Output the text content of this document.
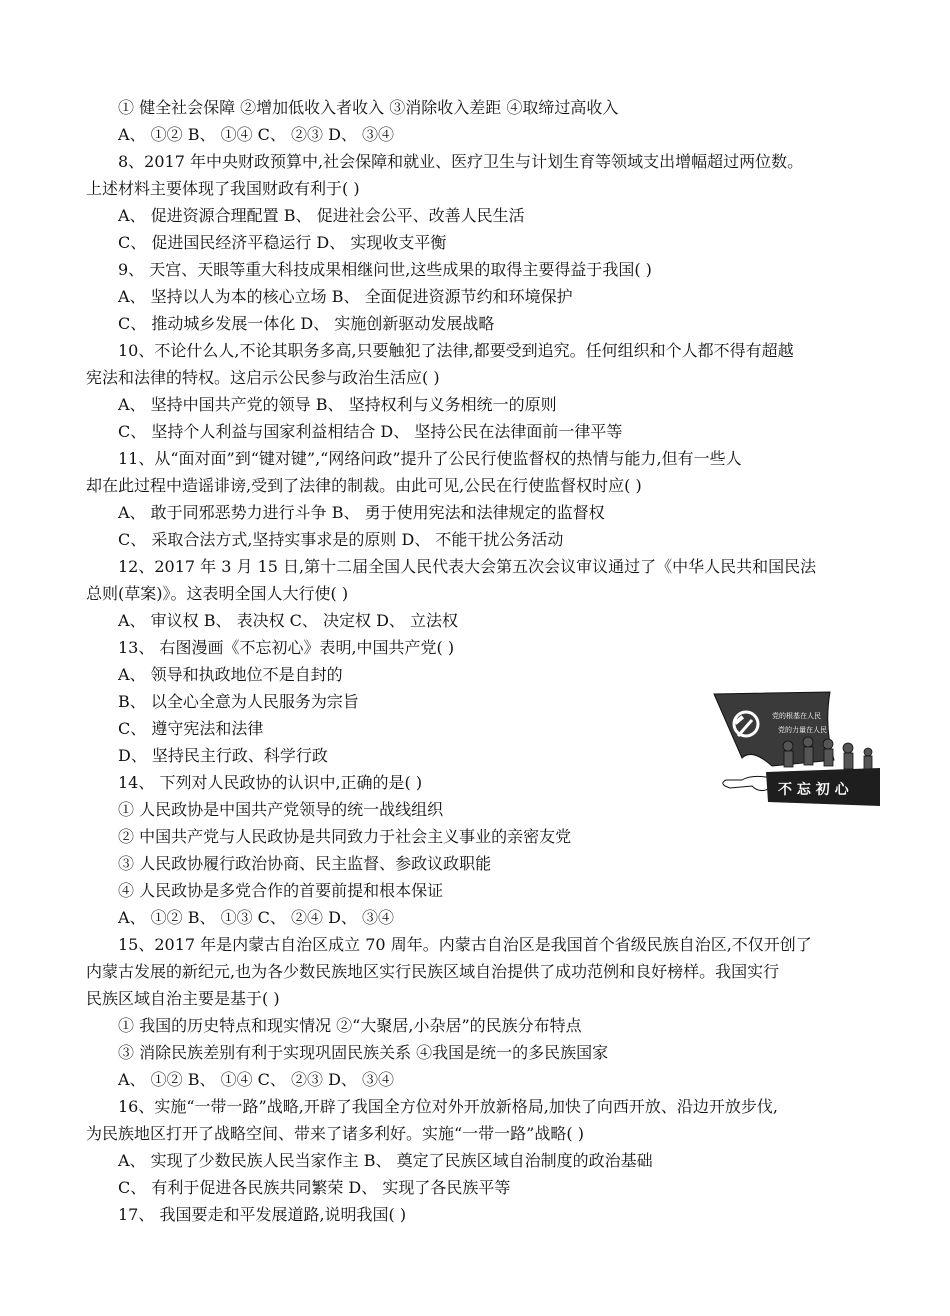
① 健全社会保障 ②增加低收入者收入 ③消除收入差距 ④取缔过高收入
A、 ①② B、 ①④ C、 ②③ D、 ③④
8、2017 年中央财政预算中,社会保障和就业、医疗卫生与计划生育等领域支出增幅超过两位数。
上述材料主要体现了我国财政有利于( )
A、 促进资源合理配置 B、 促进社会公平、改善人民生活
C、 促进国民经济平稳运行 D、 实现收支平衡
9、 天宫、天眼等重大科技成果相继问世,这些成果的取得主要得益于我国( )
A、 坚持以人为本的核心立场 B、 全面促进资源节约和环境保护
C、 推动城乡发展一体化 D、 实施创新驱动发展战略
10、不论什么人,不论其职务多高,只要触犯了法律,都要受到追究。任何组织和个人都不得有超越
宪法和法律的特权。这启示公民参与政治生活应( )
A、 坚持中国共产党的领导 B、 坚持权利与义务相统一的原则
C、 坚持个人利益与国家利益相结合 D、 坚持公民在法律面前一律平等
11、从“面对面”到“键对键”,“网络问政”提升了公民行使监督权的热情与能力,但有一些人
却在此过程中造谣诽谤,受到了法律的制裁。由此可见,公民在行使监督权时应( )
A、 敢于同邪恶势力进行斗争 B、 勇于使用宪法和法律规定的监督权
C、 采取合法方式,坚持实事求是的原则 D、 不能干扰公务活动
12、2017 年 3 月 15 日,第十二届全国人民代表大会第五次会议审议通过了《中华人民共和国民法
总则(草案)》。这表明全国人大行使( )
A、 审议权 B、 表决权 C、 决定权 D、 立法权
13、 右图漫画《不忘初心》表明,中国共产党( )
A、 领导和执政地位不是自封的
B、 以全心全意为人民服务为宗旨
C、 遵守宪法和法律
D、 坚持民主行政、科学行政
14、 下列对人民政协的认识中,正确的是( )
① 人民政协是中国共产党领导的统一战线组织
② 中国共产党与人民政协是共同致力于社会主义事业的亲密友党
③ 人民政协履行政治协商、民主监督、参政议政职能
④ 人民政协是多党合作的首要前提和根本保证
A、 ①② B、 ①③ C、 ②④ D、 ③④
15、2017 年是内蒙古自治区成立 70 周年。内蒙古自治区是我国首个省级民族自治区,不仅开创了
内蒙古发展的新纪元,也为各少数民族地区实行民族区域自治提供了成功范例和良好榜样。我国实行
民族区域自治主要是基于( )
① 我国的历史特点和现实情况 ②“大聚居,小杂居”的民族分布特点
③ 消除民族差别有利于实现巩固民族关系 ④我国是统一的多民族国家
A、 ①② B、 ①④ C、 ②③ D、 ③④
16、实施“一带一路”战略,开辟了我国全方位对外开放新格局,加快了向西开放、沿边开放步伐,
为民族地区打开了战略空间、带来了诸多利好。实施“一带一路”战略( )
A、 实现了少数民族人民当家作主 B、 奠定了民族区域自治制度的政治基础
C、 有利于促进各民族共同繁荣 D、 实现了各民族平等
17、 我国要走和平发展道路,说明我国( )
党的根基在人民
党的力量在人民
不 忘 初 心
